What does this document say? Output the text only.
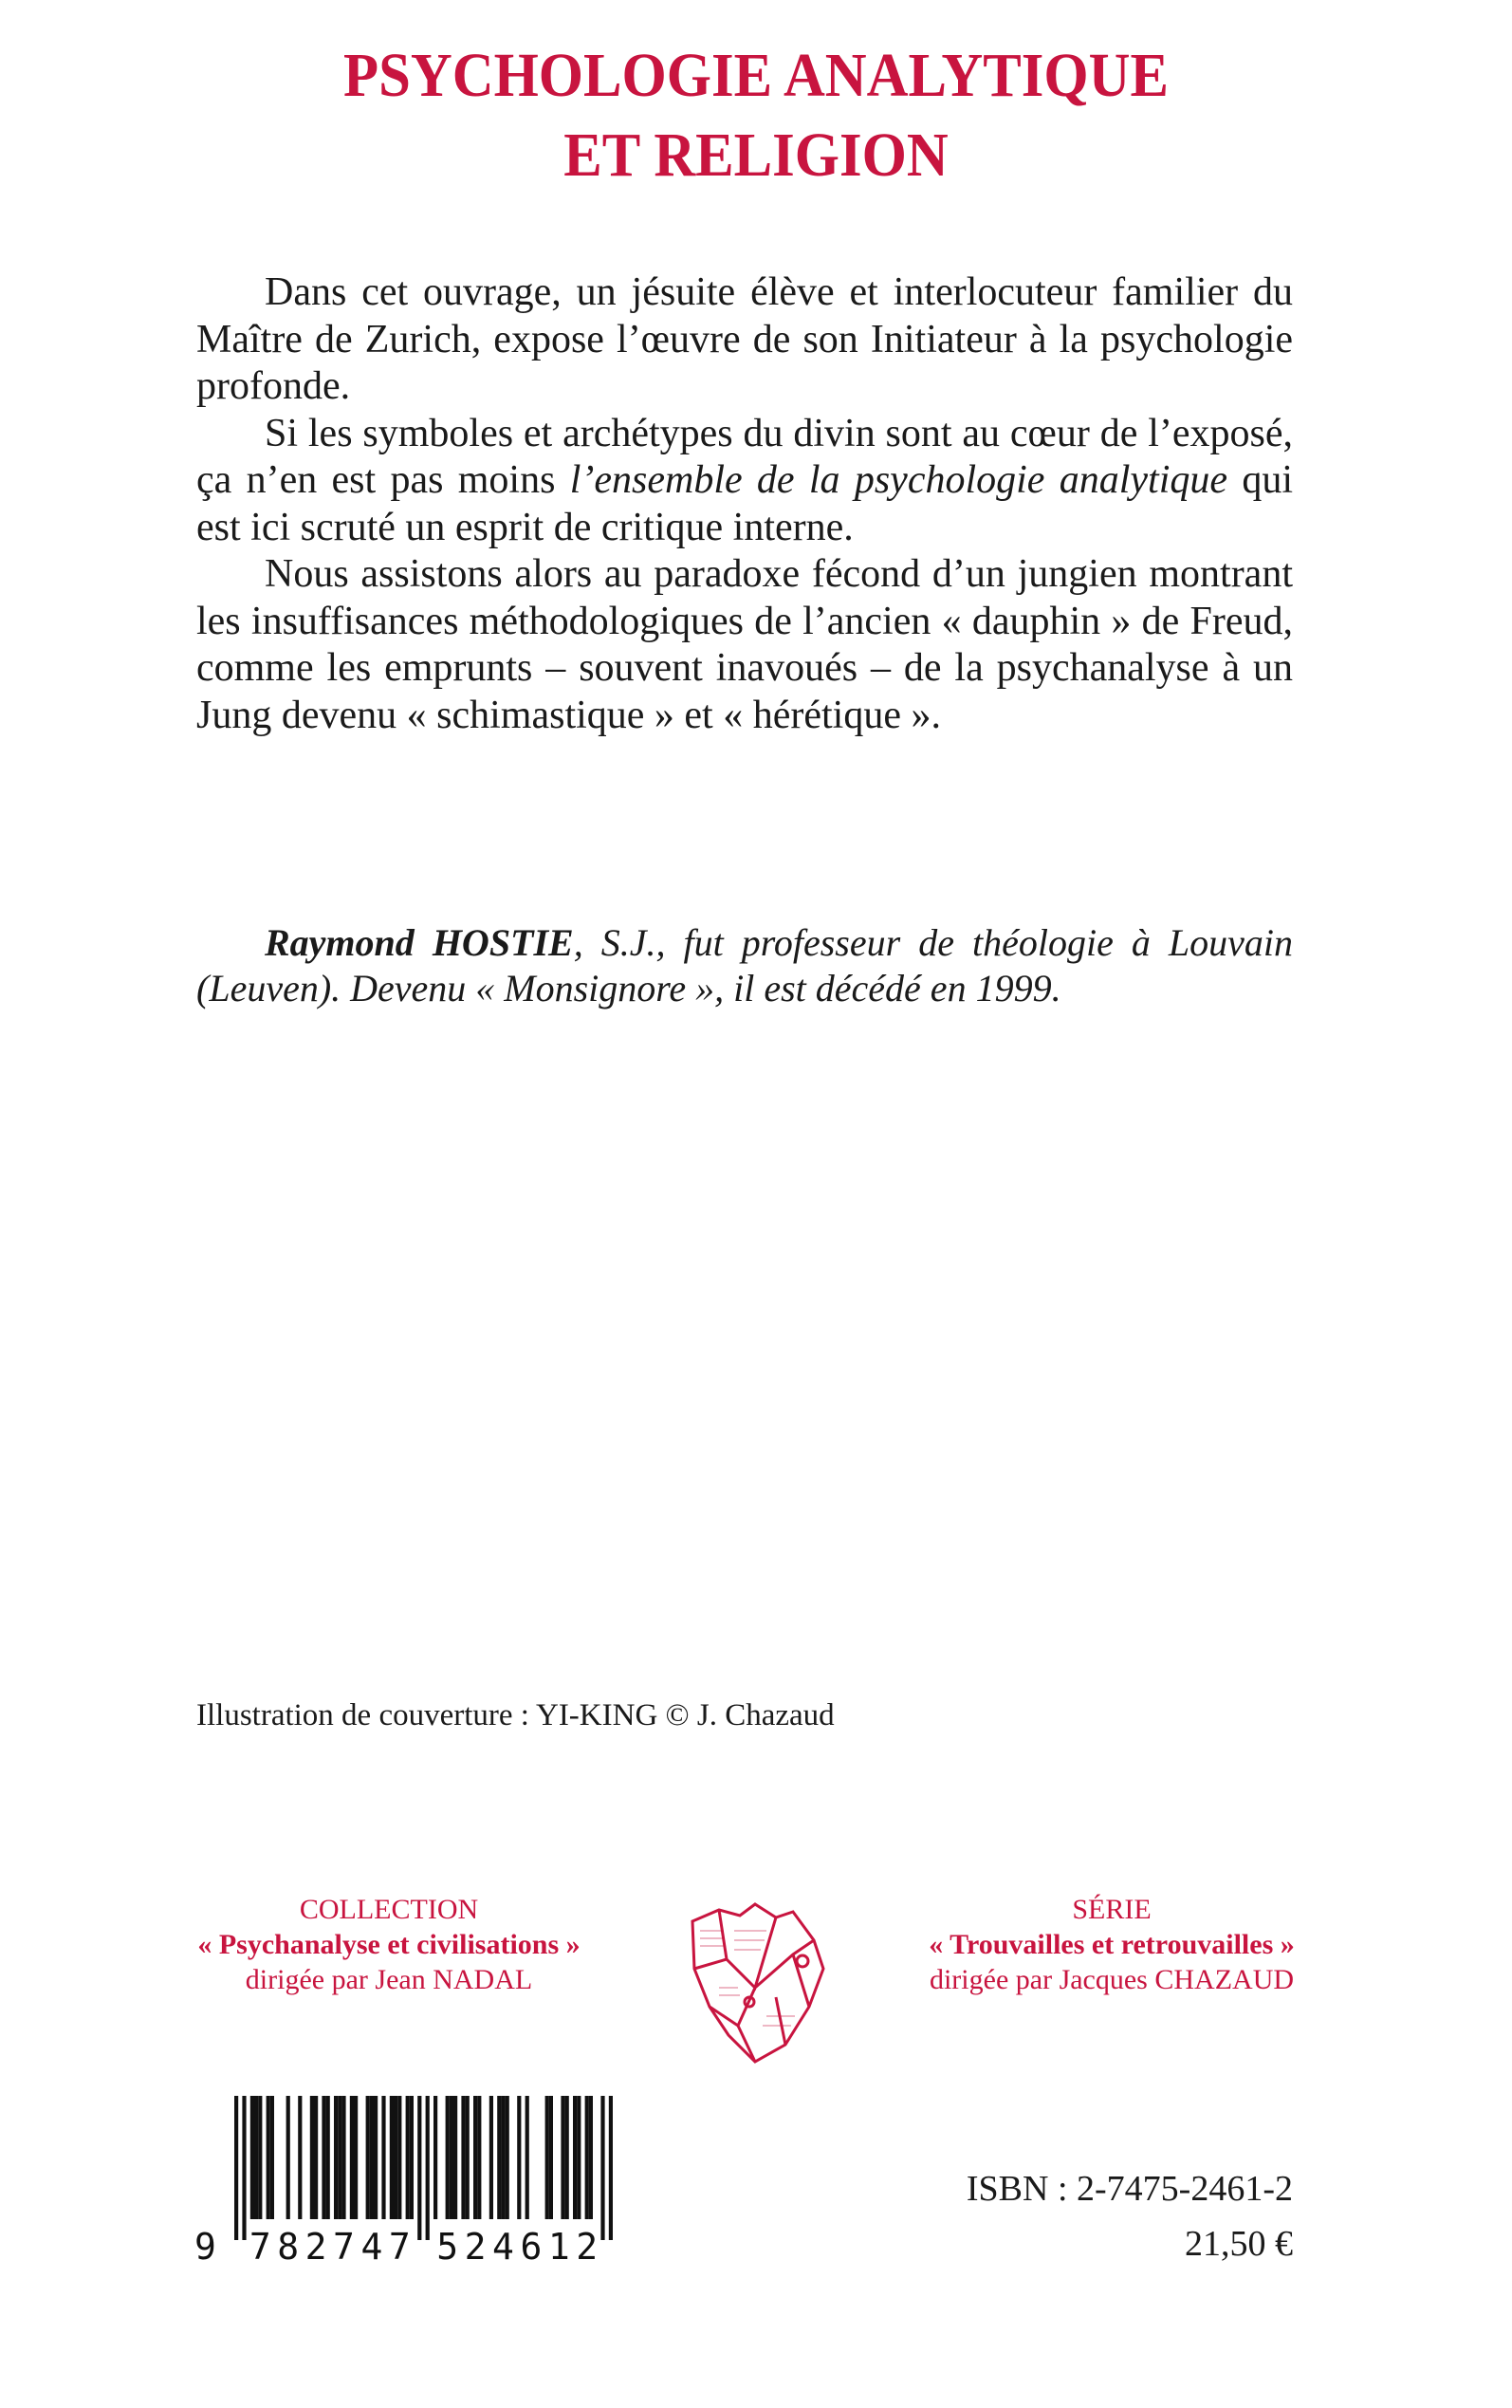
PSYCHOLOGIE ANALYTIQUE
ET RELIGION

Dans cet ouvrage, un jésuite élève et interlocuteur familier du Maître de Zurich, expose l’œuvre de son Initiateur à la psychologie profonde.

Si les symboles et archétypes du divin sont au cœur de l’exposé, ça n’en est pas moins l’ensemble de la psychologie analytique qui est ici scruté un esprit de critique interne.

Nous assistons alors au paradoxe fécond d’un jungien montrant les insuffisances méthodologiques de l’ancien « dauphin » de Freud, comme les emprunts – souvent inavoués – de la psychanalyse à un Jung devenu « schimastique » et « hérétique ».

Raymond HOSTIE, S.J., fut professeur de théologie à Louvain (Leuven). Devenu « Monsignore », il est décédé en 1999.
Illustration de couverture : YI-KING © J. Chazaud
COLLECTION
« Psychanalyse et civilisations »
dirigée par Jean NADAL
SÉRIE
« Trouvailles et retrouvailles »
dirigée par Jacques CHAZAUD
9 7 8 2 7 4 7 5 2 4 6 1 2
ISBN : 2-7475-2461-2
21,50 €
